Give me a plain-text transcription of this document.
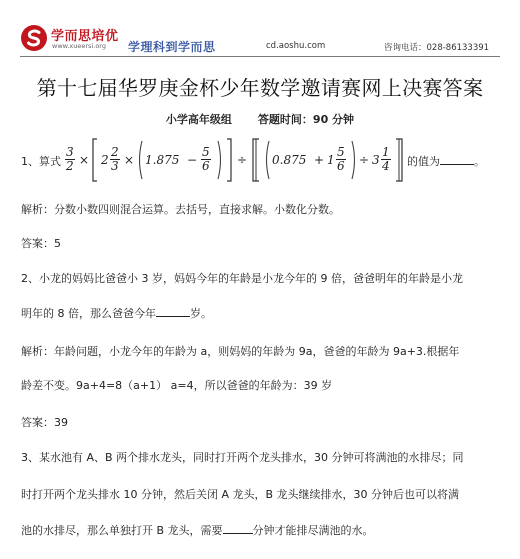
学而思培优
www.xueersi.org 学理科到学而思	cd.aoshu.com	咨询电话：028-86133391
第十七届华罗庚金杯少年数学邀请赛网上决赛答案
小学高年级组 答题时间：90 分钟
1、算式 $\frac{3}{2} \times 2 \frac{2}{3} \times 1.875 - \frac{5}{6} \div 0.875 + 1 \frac{5}{6} \div 3 \frac{1}{4}$ 的值为	。
解析：分数小数四则混合运算。去括号，直接求解。小数化分数。
答案：5
2、小龙的妈妈比爸爸小 3 岁，妈妈今年的年龄是小龙今年的 9 倍，爸爸明年的年龄是小龙
明年的 8 倍，那么爸爸今年	岁。
解析：年龄问题，小龙今年的年龄为 a，则妈妈的年龄为 9a，爸爸的年龄为 9a+3.根据年
龄差不变。9a+4=8（a+1） a=4，所以爸爸的年龄为：39 岁
答案：39
3、某水池有 A、B 两个排水龙头，同时打开两个龙头排水，30 分钟可将满池的水排尽；同
时打开两个龙头排水 10 分钟，然后关闭 A 龙头，B 龙头继续排水，30 分钟后也可以将满
池的水排尽，那么单独打开 B 龙头，需要	分钟才能排尽满池的水。
